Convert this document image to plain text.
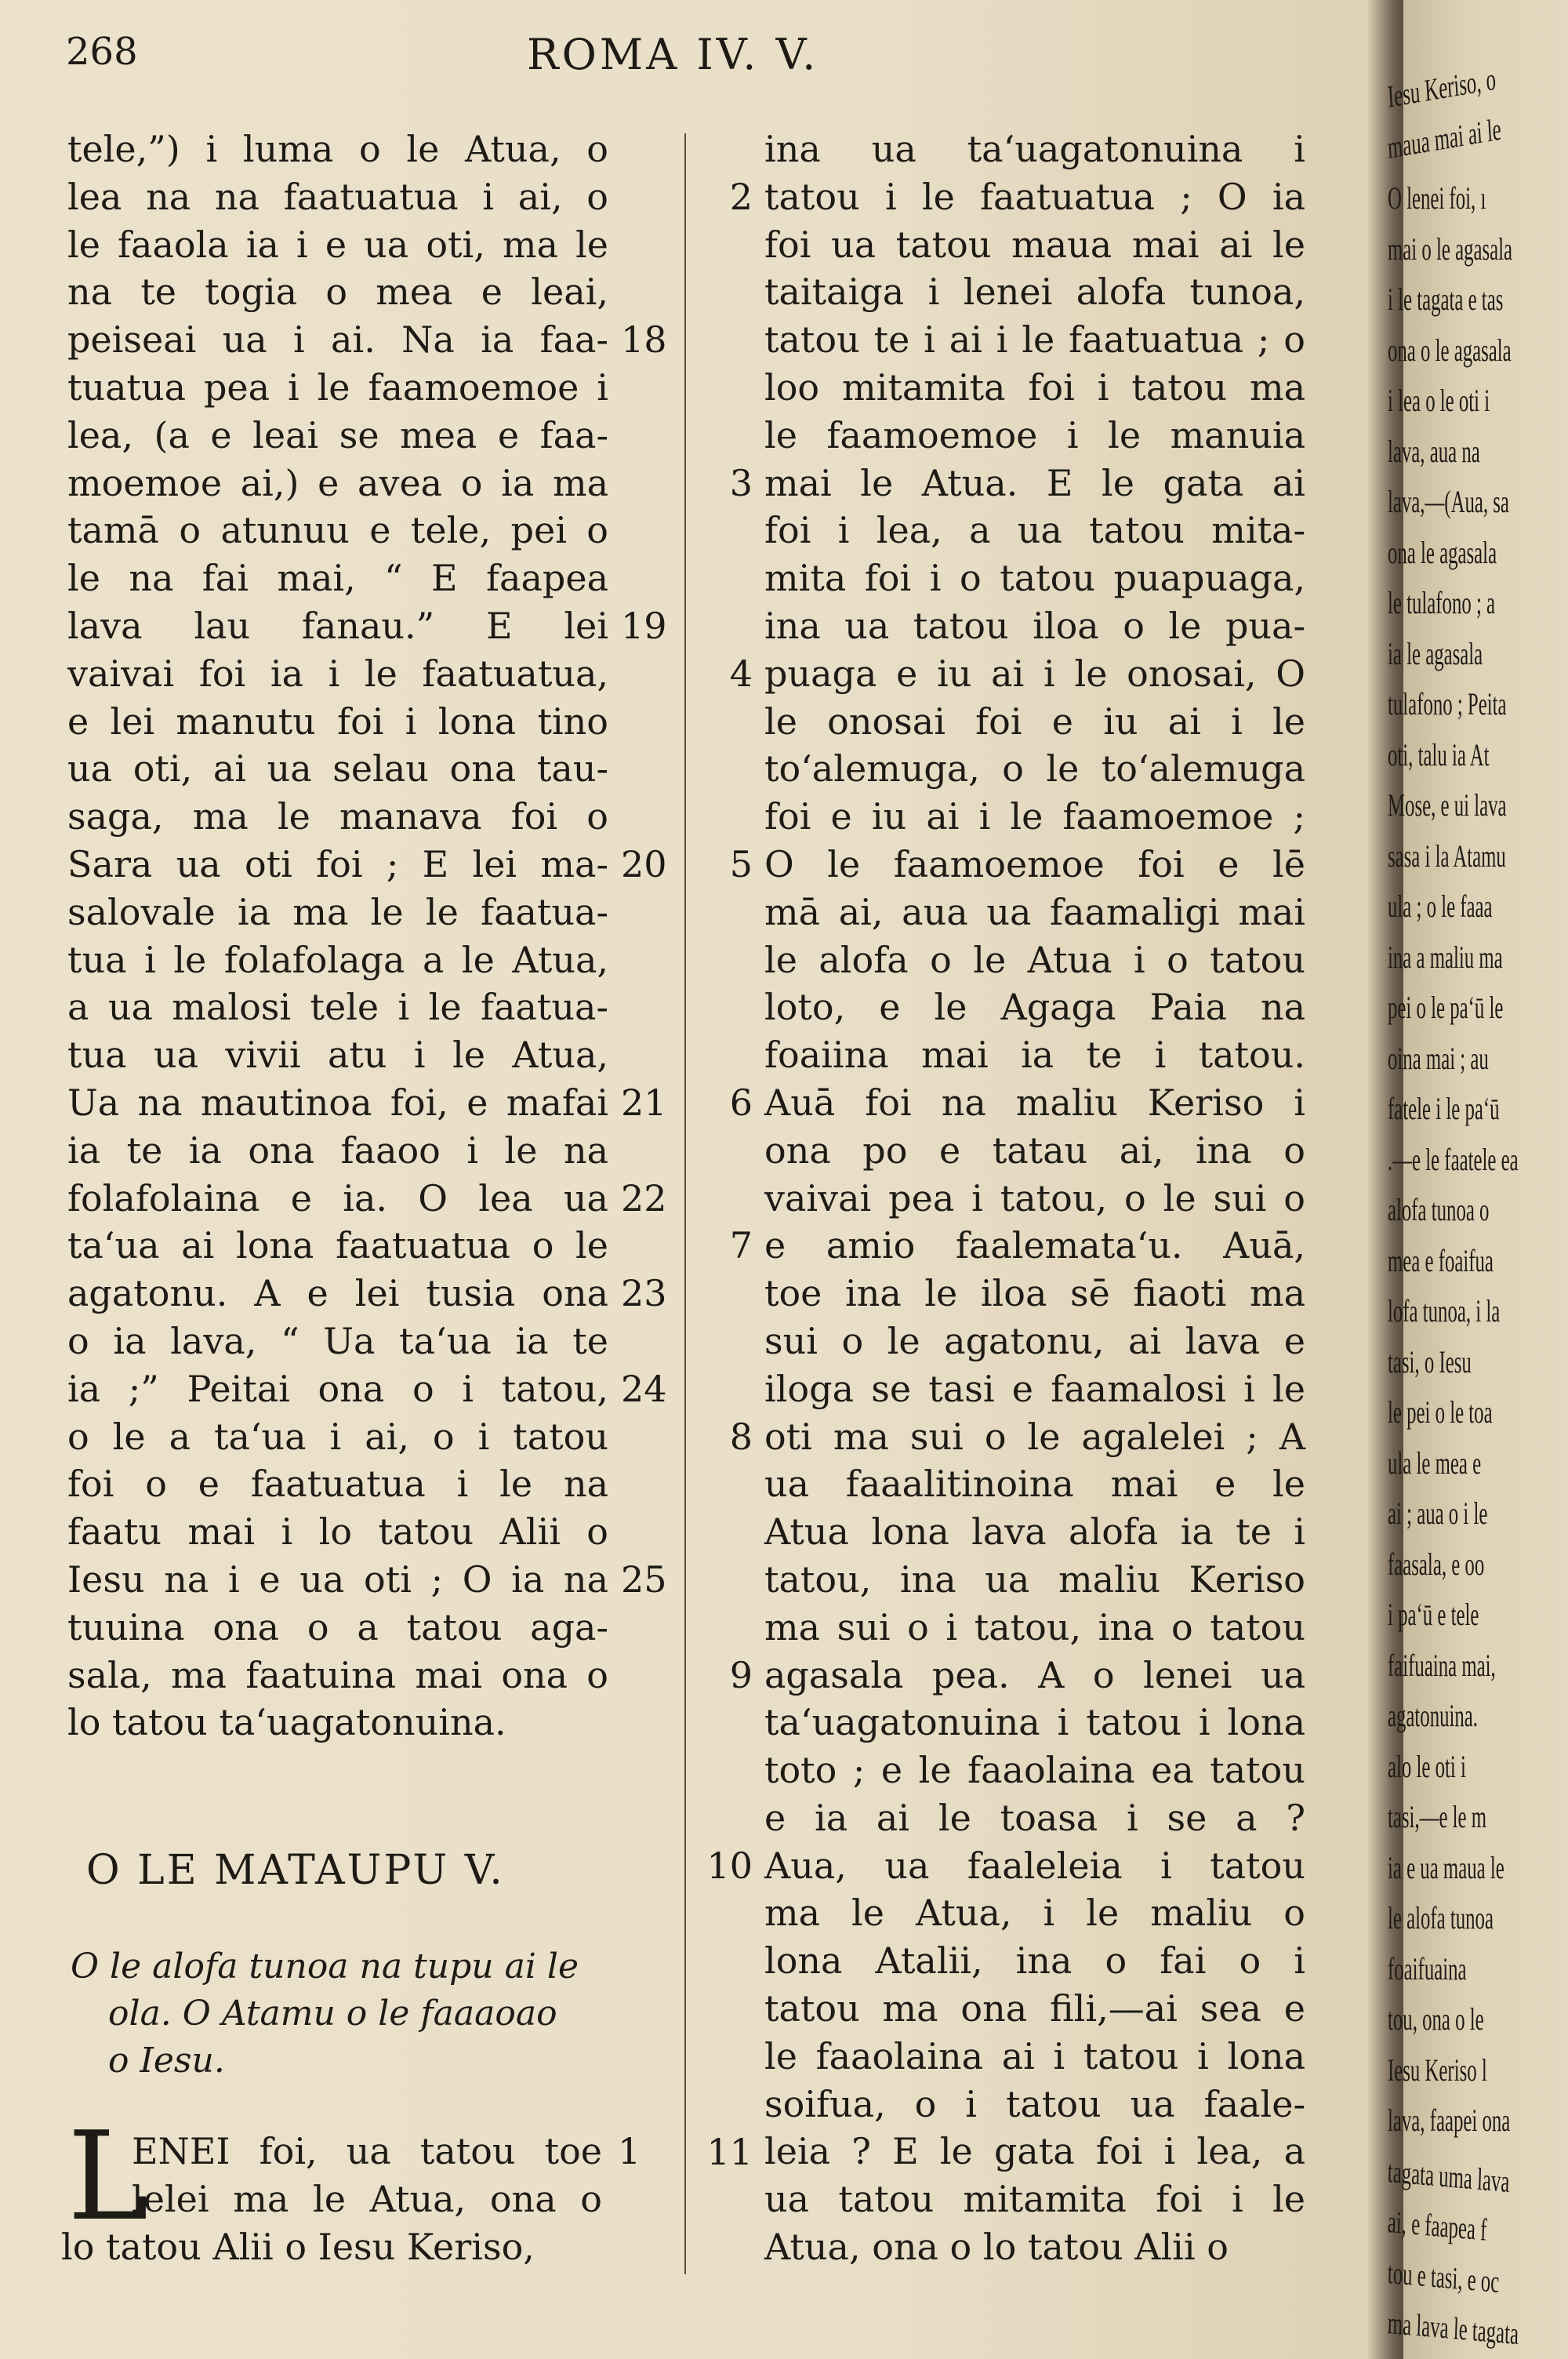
268	ROMA IV. V.
tele,”) i luma o le Atua, o
lea na na faatuatua i ai, o
le faaola ia i e ua oti, ma le
na te togia o mea e leai,
peiseai ua i ai. Na ia faa-
tuatua pea i le faamoemoe i
lea, (a e leai se mea e faa-
moemoe ai,) e avea o ia ma
tamā o atunuu e tele, pei o
le na fai mai, “ E faapea
lava lau fanau.” E lei
vaivai foi ia i le faatuatua,
e lei manutu foi i lona tino
ua oti, ai ua selau ona tau-
saga, ma le manava foi o
Sara ua oti foi ; E lei ma-
salovale ia ma le le faatua-
tua i le folafolaga a le Atua,
a ua malosi tele i le faatua-
tua ua vivii atu i le Atua,
Ua na mautinoa foi, e mafai
ia te ia ona faaoo i le na
folafolaina e ia. O lea ua
ta‘ua ai lona faatuatua o le
agatonu. A e lei tusia ona
o ia lava, “ Ua ta‘ua ia te
ia ;” Peitai ona o i tatou,
o le a ta‘ua i ai, o i tatou
foi o e faatuatua i le na
faatu mai i lo tatou Alii o
Iesu na i e ua oti ; O ia na
tuuina ona o a tatou aga-
sala, ma faatuina mai ona o
lo tatou ta‘uagatonuina.
ina ua ta‘uagatonuina i
tatou i le faatuatua ; O ia
foi ua tatou maua mai ai le
taitaiga i lenei alofa tunoa,
tatou te i ai i le faatuatua ; o
loo mitamita foi i tatou ma
le faamoemoe i le manuia
mai le Atua. E le gata ai
foi i lea, a ua tatou mita-
mita foi i o tatou puapuaga,
ina ua tatou iloa o le pua-
puaga e iu ai i le onosai, O
le onosai foi e iu ai i le
to‘alemuga, o le to‘alemuga
foi e iu ai i le faamoemoe ;
O le faamoemoe foi e lē
mā ai, aua ua faamaligi mai
le alofa o le Atua i o tatou
loto, e le Agaga Paia na
foaiina mai ia te i tatou.
Auā foi na maliu Keriso i
ona po e tatau ai, ina o
vaivai pea i tatou, o le sui o
e amio faalemata‘u. Auā,
toe ina le iloa sē fiaoti ma
sui o le agatonu, ai lava e
iloga se tasi e faamalosi i le
oti ma sui o le agalelei ; A
ua faaalitinoina mai e le
Atua lona lava alofa ia te i
tatou, ina ua maliu Keriso
ma sui o i tatou, ina o tatou
agasala pea. A o lenei ua
ta‘uagatonuina i tatou i lona
toto ; e le faaolaina ea tatou
e ia ai le toasa i se a ?
Aua, ua faaleleia i tatou
ma le Atua, i le maliu o
lona Atalii, ina o fai o i
tatou ma ona fili,—ai sea e
le faaolaina ai i tatou i lona
soifua, o i tatou ua faale-
leia ? E le gata foi i lea, a
ua tatou mitamita foi i le
Atua, ona o lo tatou Alii o
O LE MATAUPU V.
O le alofa tunoa na tupu ai le
ola. O Atamu o le faaaoao
o Iesu.
L
ENEI foi, ua tatou toe
lelei ma le Atua, ona o
lo tatou Alii o Iesu Keriso,
1
18
19
20
21
22
23
24
25
2
3
4
5
6
7
8
9
10
11
Iesu Keriso, o
maua mai ai le
O lenei foi, ı
mai o le agasala
i le tagata e tas
ona o le agasala
i lea o le oti i
lava, aua na
lava,—(Aua, sa
ona le agasala
le tulafono ; a
ia le agasala
tulafono ; Peita
oti, talu ia At
Mose, e ui lava
sasa i la Atamu
ula ; o le faaa
ina a maliu ma
pei o le pa‘ū le
oina mai ; au
fatele i le pa‘ū
.—e le faatele ea
alofa tunoa o
mea e foaifua
lofa tunoa, i la
tasi, o Iesu
le pei o le toa
ula le mea e
ai ; aua o i le
faasala, e oo
i pa‘ū e tele
faifuaina mai,
agatonuina.
alo le oti i
tasi,—e le m
ia e ua maua le
le alofa tunoa
foaifuaina
tou, ona o le
Iesu Keriso l
lava, faapei ona
tagata uma lava
ai, e faapea f
tou e tasi, e oc
ma lava le tagata
